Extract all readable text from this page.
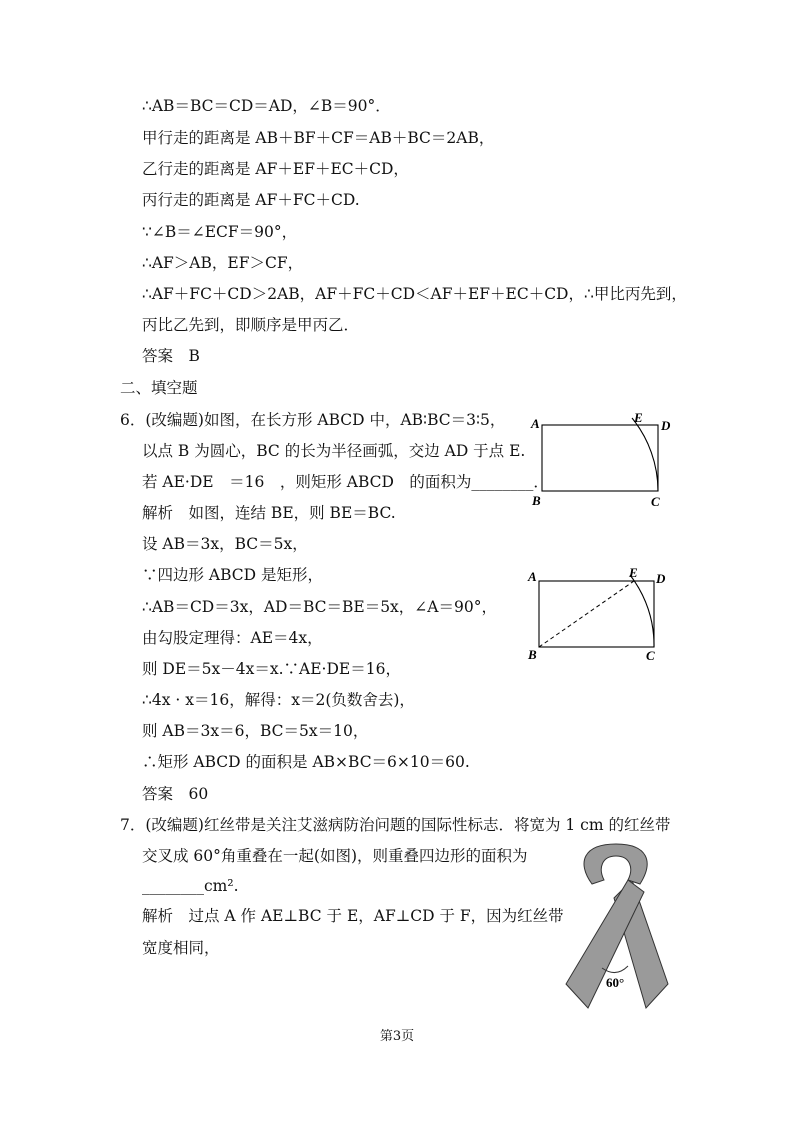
∴AB＝BC＝CD＝AD，∠B＝90°．
甲行走的距离是 AB＋BF＋CF＝AB＋BC＝2AB，
乙行走的距离是 AF＋EF＋EC＋CD，
丙行走的距离是 AF＋FC＋CD.
∵∠B＝∠ECF＝90°，
∴AF＞AB，EF＞CF，
∴AF＋FC＋CD＞2AB，AF＋FC＋CD＜AF＋EF＋EC＋CD，∴甲比丙先到，
丙比乙先到，即顺序是甲丙乙．
答案　B
二、填空题
6．(改编题)如图，在长方形 ABCD 中，AB∶BC＝3∶5，
以点 B 为圆心，BC 的长为半径画弧，交边 AD 于点 E.
若 AE·DE　＝16　，则矩形 ABCD　的面积为________．
解析　如图，连结 BE，则 BE＝BC.
设 AB＝3x，BC＝5x，
∵四边形 ABCD 是矩形，
∴AB＝CD＝3x，AD＝BC＝BE＝5x，∠A＝90°，
由勾股定理得：AE＝4x，
则 DE＝5x－4x＝x.∵AE·DE＝16，
∴4x · x＝16，解得：x＝2(负数舍去)，
则 AB＝3x＝6，BC＝5x＝10，
∴矩形 ABCD 的面积是 AB×BC＝6×10＝60.
答案　60
7．(改编题)红丝带是关注艾滋病防治问题的国际性标志．将宽为 1 cm 的红丝带
交叉成 60°角重叠在一起(如图)，则重叠四边形的面积为
________cm².
解析　过点 A 作 AE⊥BC 于 E，AF⊥CD 于 F，因为红丝带
宽度相同，
A	E
D
B	C
A	E D
B	C
60°
第3页
